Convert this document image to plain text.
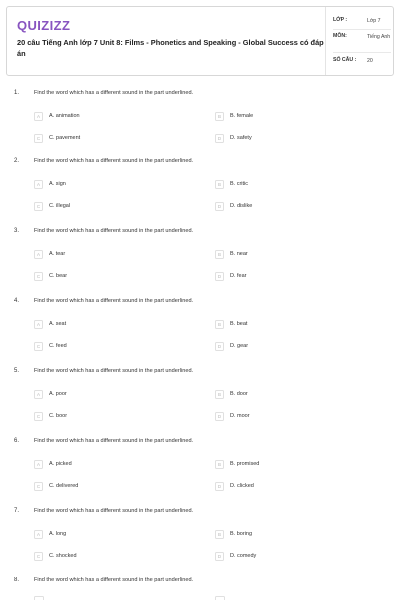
QUIZIZZ
20 câu Tiếng Anh lớp 7 Unit 8: Films - Phonetics and Speaking - Global Success có đáp án
LỚP :	Lớp 7
MÔN:	Tiếng Anh
SỐ CÂU : 20
1.	Find the word which has a different sound in the part underlined.
A	A. animation	B	B. female
C	C. pavement	D	D. safety
2.	Find the word which has a different sound in the part underlined.
A	A. sign	B	B. critic
C	C. illegal	D	D. dislike
3.	Find the word which has a different sound in the part underlined.
A	A. tear	B	B. near
C	C. bear	D	D. fear
4.	Find the word which has a different sound in the part underlined.
A	A. seat	B	B. beat
C	C. feed	D	D. gear
5.	Find the word which has a different sound in the part underlined.
A	A. poor	B	B. door
C	C. boor	D	D. moor
6.	Find the word which has a different sound in the part underlined.
A	A. picked	B	B. promised
C	C. delivered	D	D. clicked
7.	Find the word which has a different sound in the part underlined.
A	A. long	B	B. boring
C	C. shocked	D	D. comedy
8.	Find the word which has a different sound in the part underlined.
